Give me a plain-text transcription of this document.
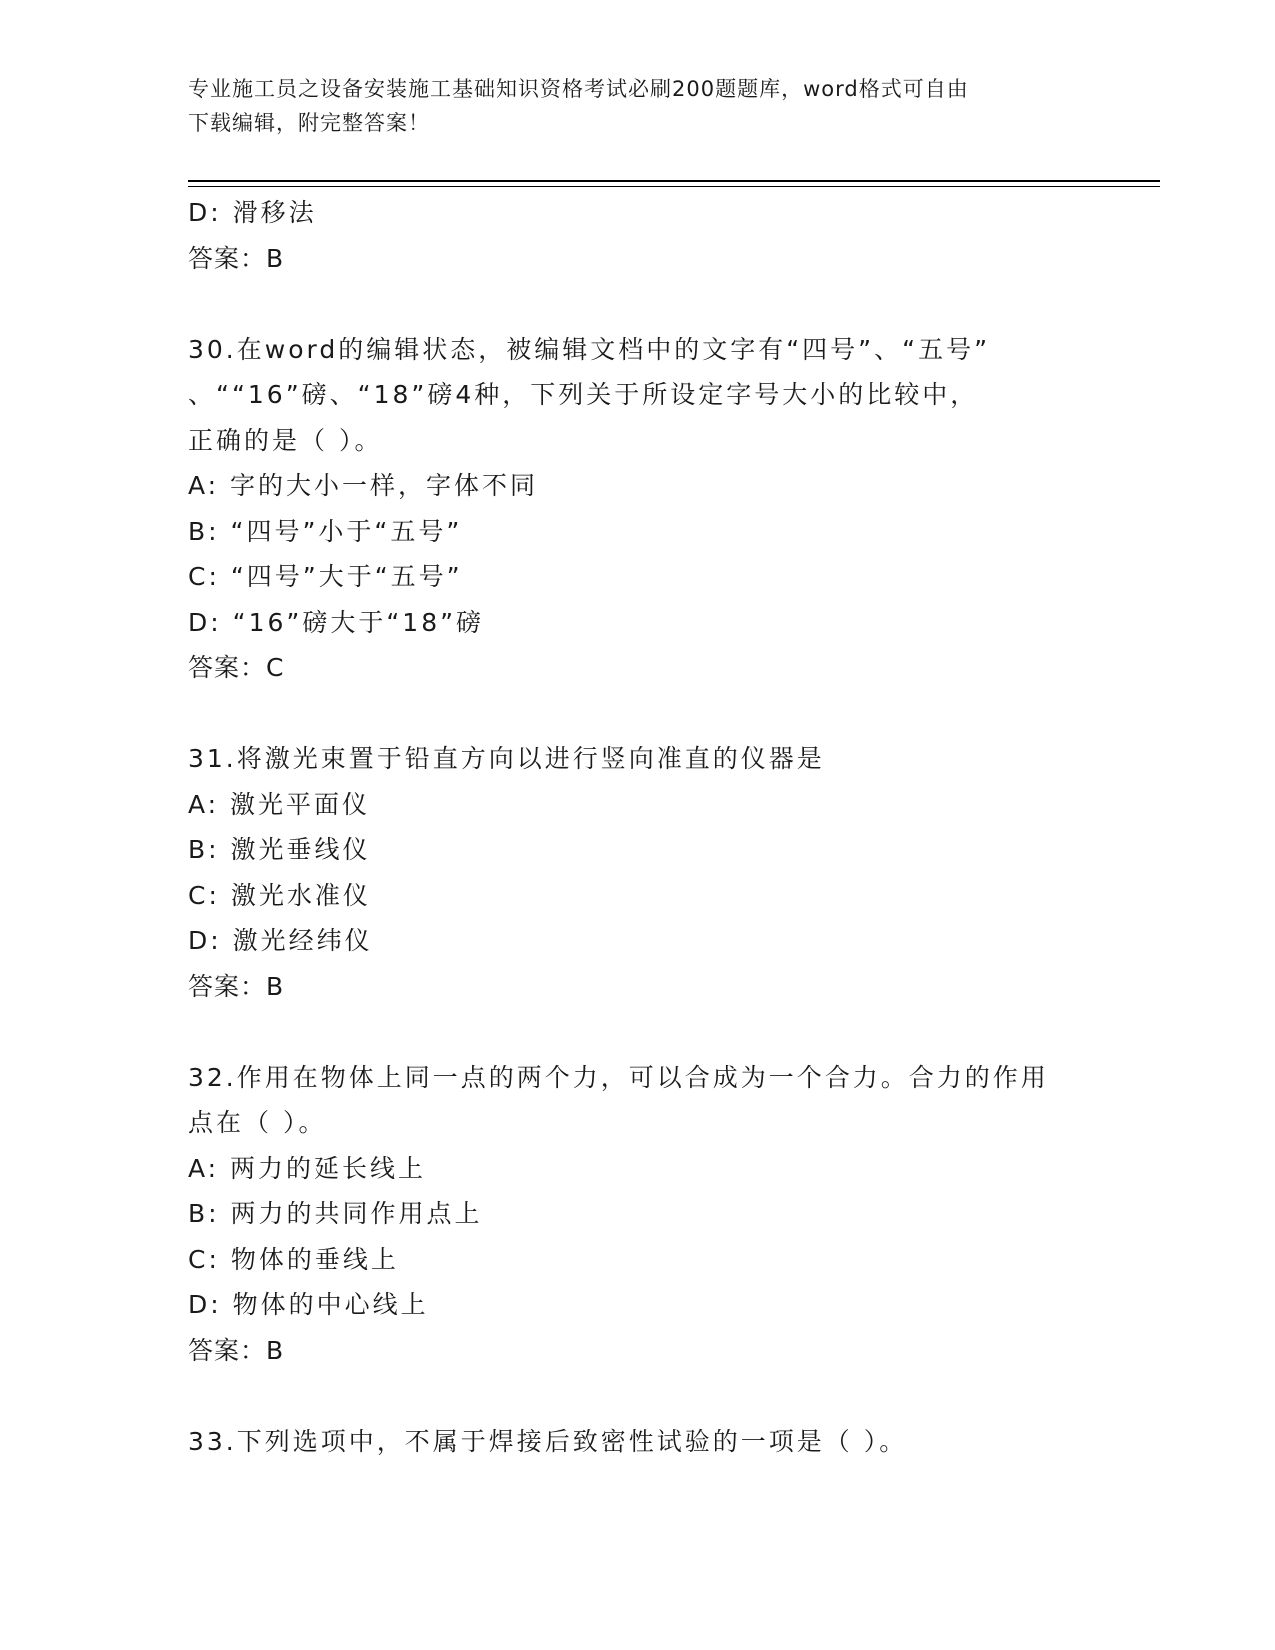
专业施工员之设备安装施工基础知识资格考试必刷200题题库，word格式可自由
下载编辑，附完整答案！
D: 滑移法
答案：B
30.在word的编辑状态，被编辑文档中的文字有“四号”、“五号”
、““16”磅、“18”磅4种，下列关于所设定字号大小的比较中，
正确的是（ ）。
A: 字的大小一样，字体不同
B: “四号”小于“五号”
C: “四号”大于“五号”
D: “16”磅大于“18”磅
答案：C
31.将激光束置于铅直方向以进行竖向准直的仪器是
A: 激光平面仪
B: 激光垂线仪
C: 激光水准仪
D: 激光经纬仪
答案：B
32.作用在物体上同一点的两个力，可以合成为一个合力。合力的作用
点在（ ）。
A: 两力的延长线上
B: 两力的共同作用点上
C: 物体的垂线上
D: 物体的中心线上
答案：B
33.下列选项中，不属于焊接后致密性试验的一项是（ ）。
